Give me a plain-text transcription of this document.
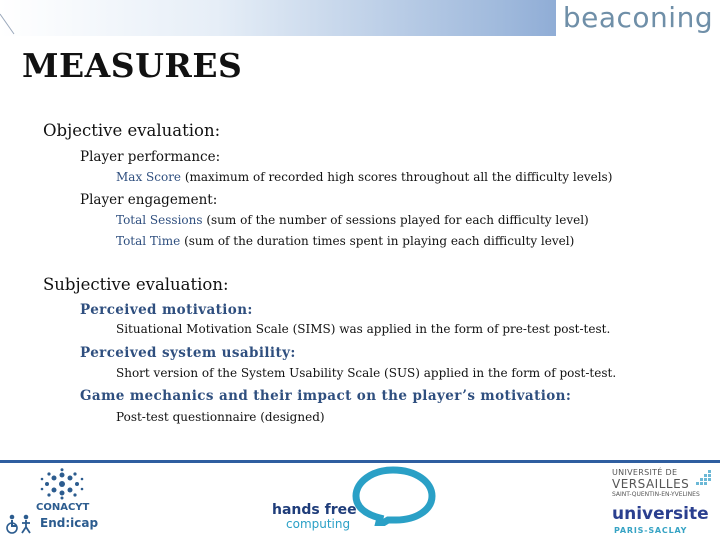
beaconing
MEASURES
Objective evaluation:
Player performance:
Max Score (maximum of recorded high scores throughout all the difficulty levels)
Player engagement:
Total Sessions (sum of the number of sessions played for each difficulty level)
Total Time (sum of the duration times spent in playing each difficulty level)
Subjective evaluation:
Perceived motivation:
Situational Motivation Scale (SIMS) was applied in the form of pre-test post-test.
Perceived system usability:
Short version of the System Usability Scale (SUS) applied in the form of post-test.
Game mechanics and their impact on the player’s motivation:
Post-test questionnaire (designed)
CONACYT
End:icap
hands free
computing
UNIVERSITÉ DE
VERSAILLES
SAINT-QUENTIN-EN-YVELINES
universite
PARIS-SACLAY
